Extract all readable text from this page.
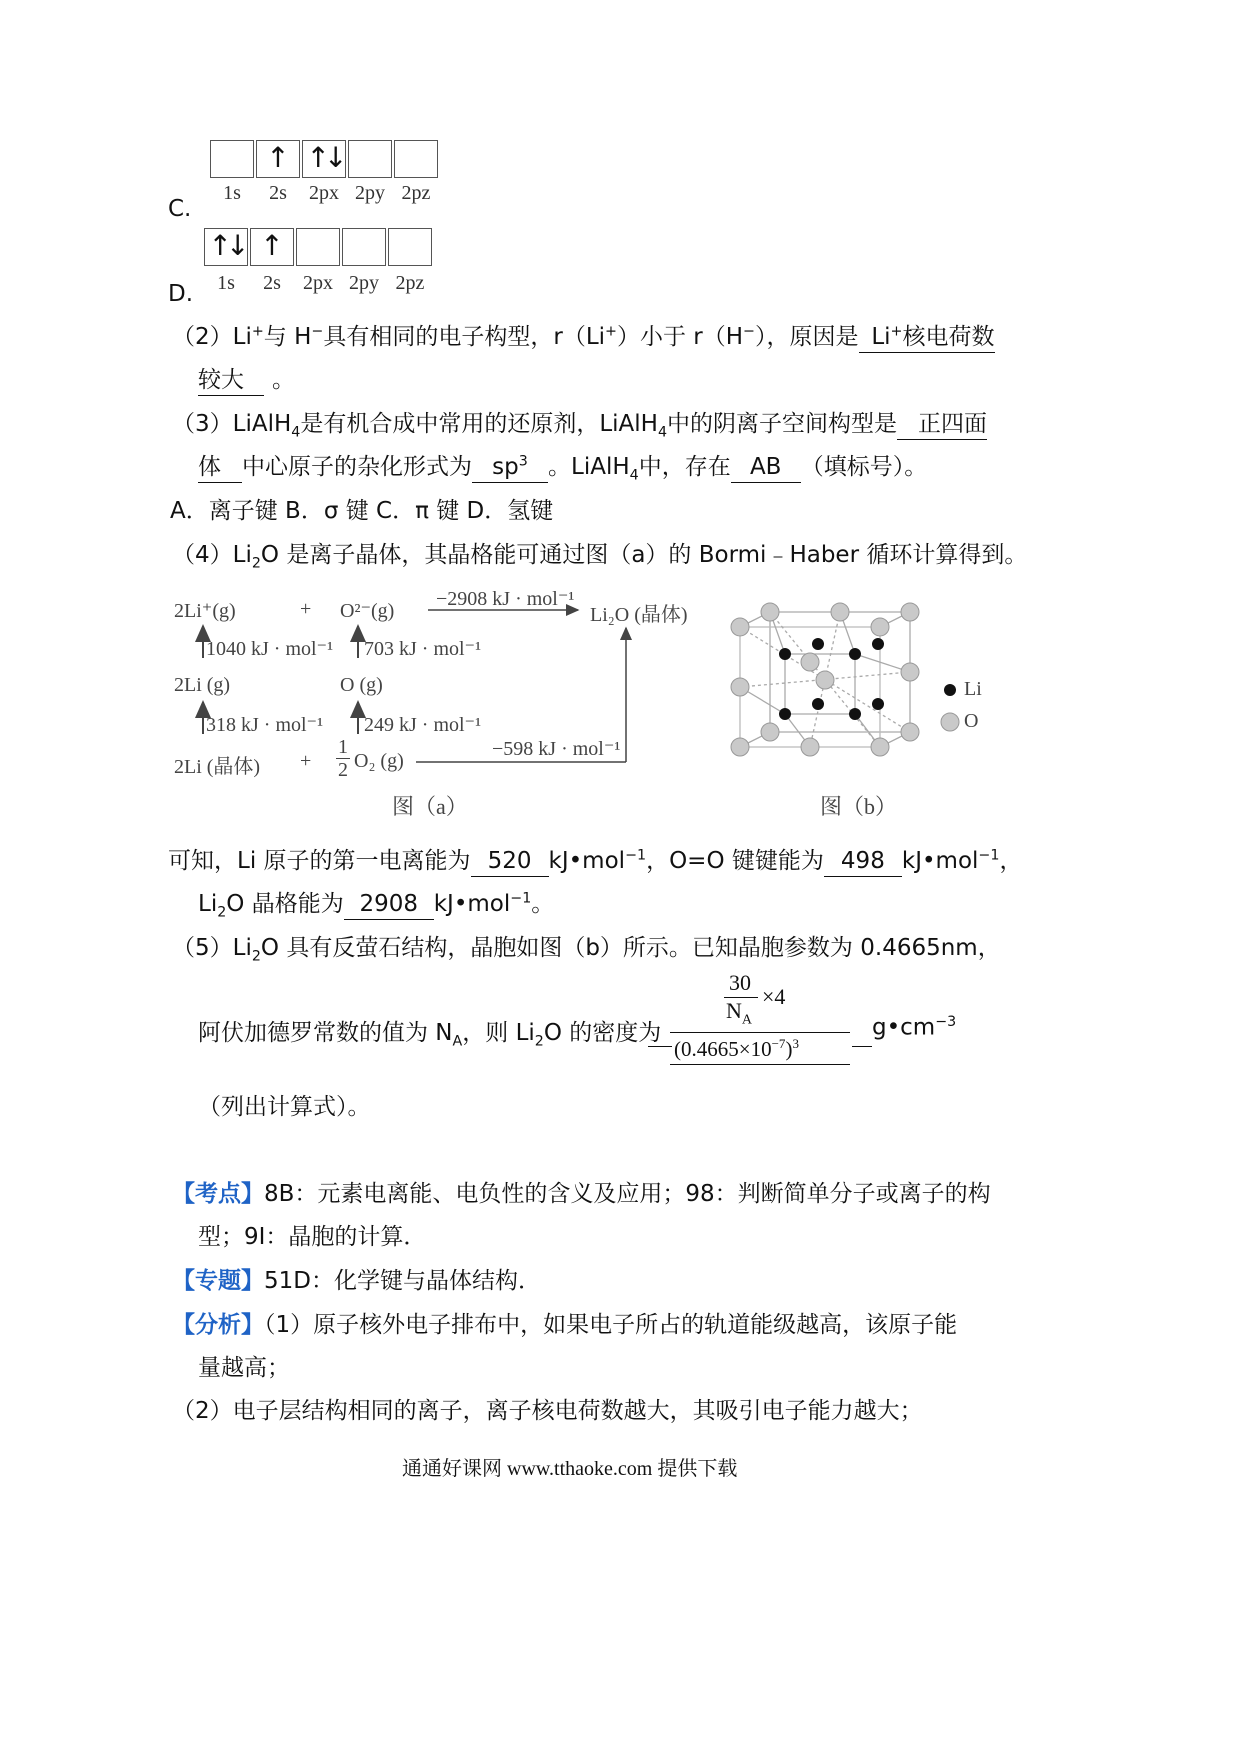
↑ ↑↓
1s	2s	2px 2py 2pz
C.
↑↓ ↑
1s	2s	2px 2py 2pz
D.
（2）Li+与 H−具有相同的电子构型，r（Li+）小于 r（H−），原因是 Li+核电荷数
较大 。
（3）LiAlH$_4$是有机合成中常用的还原剂，LiAlH$_4$中的阴离子空间构型是 正四面
体 中心原子的杂化形式为 $sp^3$ 。LiAlH$_4$中，存在 AB （填标号）。
A．离子键 B．σ 键 C．π 键 D．氢键
$(4)Li_2O$ 是离子晶体，其晶格能可通过图（a）的 Bormi﹣Haber 循环计算得到。
2Li⁺(g)	+ O²⁻(g)
−2908 kJ · mol⁻¹
Li₂O (晶体)
1040 kJ · mol⁻¹ 703 kJ · mol⁻¹
2Li (g)	O (g)
318 kJ · mol⁻¹ 249 kJ · mol⁻¹
2Li (晶体) +
1
2 O₂ (g)
−598 kJ · mol⁻¹
图（a）
Li
O
图（b）
可知，Li 原子的第一电离能为 520 kJ•mol$^{-1}$，O=O 键键能为 498 kJ•mol$^{-1}$，
$Li_2O$ 晶格能为 2908 kJ•mol$^{-1}$。
$(5)Li_2O$ 具有反萤石结构，晶胞如图（b）所示。已知晶胞参数为 0.4665nm，
阿伏加德罗常数的值为 $N_A$，则 $Li_2O$ 的密度为
30
$N_A$
×4
$(0.4665\times 10^{-7})^3$
$g•cm^{-3}$
（列出计算式）。
【考点】8B：元素电离能、电负性的含义及应用；98：判断简单分子或离子的构
型；9I：晶胞的计算．
【专题】51D：化学键与晶体结构．
【分析】（1）原子核外电子排布中，如果电子所占的轨道能级越高，该原子能
量越高；
（2）电子层结构相同的离子，离子核电荷数越大，其吸引电子能力越大；
通通好课网 www.tthaoke.com 提供下载
